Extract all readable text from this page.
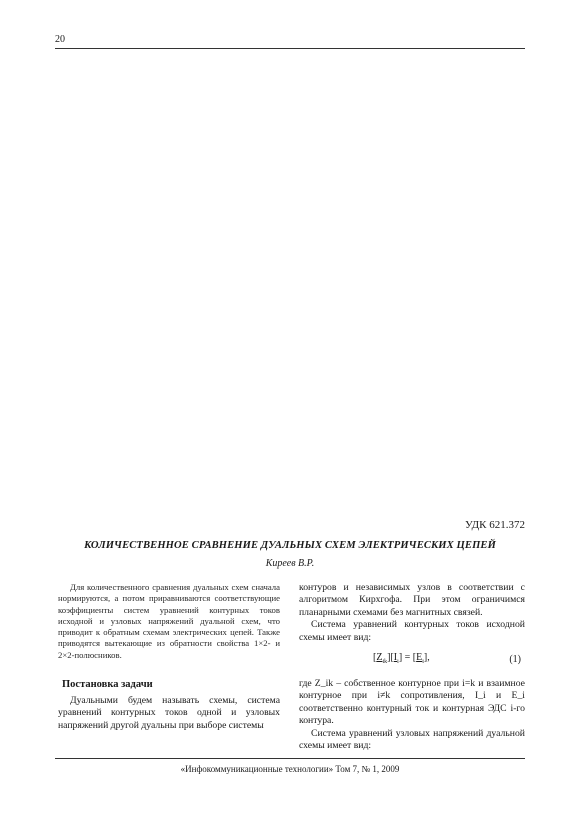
20
УДК 621.372
КОЛИЧЕСТВЕННОЕ СРАВНЕНИЕ ДУАЛЬНЫХ СХЕМ ЭЛЕКТРИЧЕСКИХ ЦЕПЕЙ
Киреев В.Р.

Для количественного сравнения дуальных схем сначала нормируются, а потом приравниваются соответствующие коэффициенты систем уравнений контурных токов исходной и узловых напряжений дуальной схем, что приводит к обратным схемам электрических цепей. Также приводятся вытекающие из обратности свойства 1×2- и 2×2-полюсников.

Постановка задачи

Дуальными будем называть схемы, система уравнений контурных токов одной и узловых напряжений другой дуальны при выборе системы

контуров и независимых узлов в соответствии с алгоритмом Кирхгофа. При этом ограничимся планарными схемами без магнитных связей.

Система уравнений контурных токов исходной схемы имеет вид:

$[Z_{ik}][I_i] = [E_i]$,	(1)

где Z_ik – собственное контурное при i=k и взаимное контурное при i≠k сопротивления, I_i и E_i соответственно контурный ток и контурная ЭДС i-го контура.

Система уравнений узловых напряжений дуальной схемы имеет вид:

«Инфокоммуникационные технологии» Том 7, № 1, 2009
